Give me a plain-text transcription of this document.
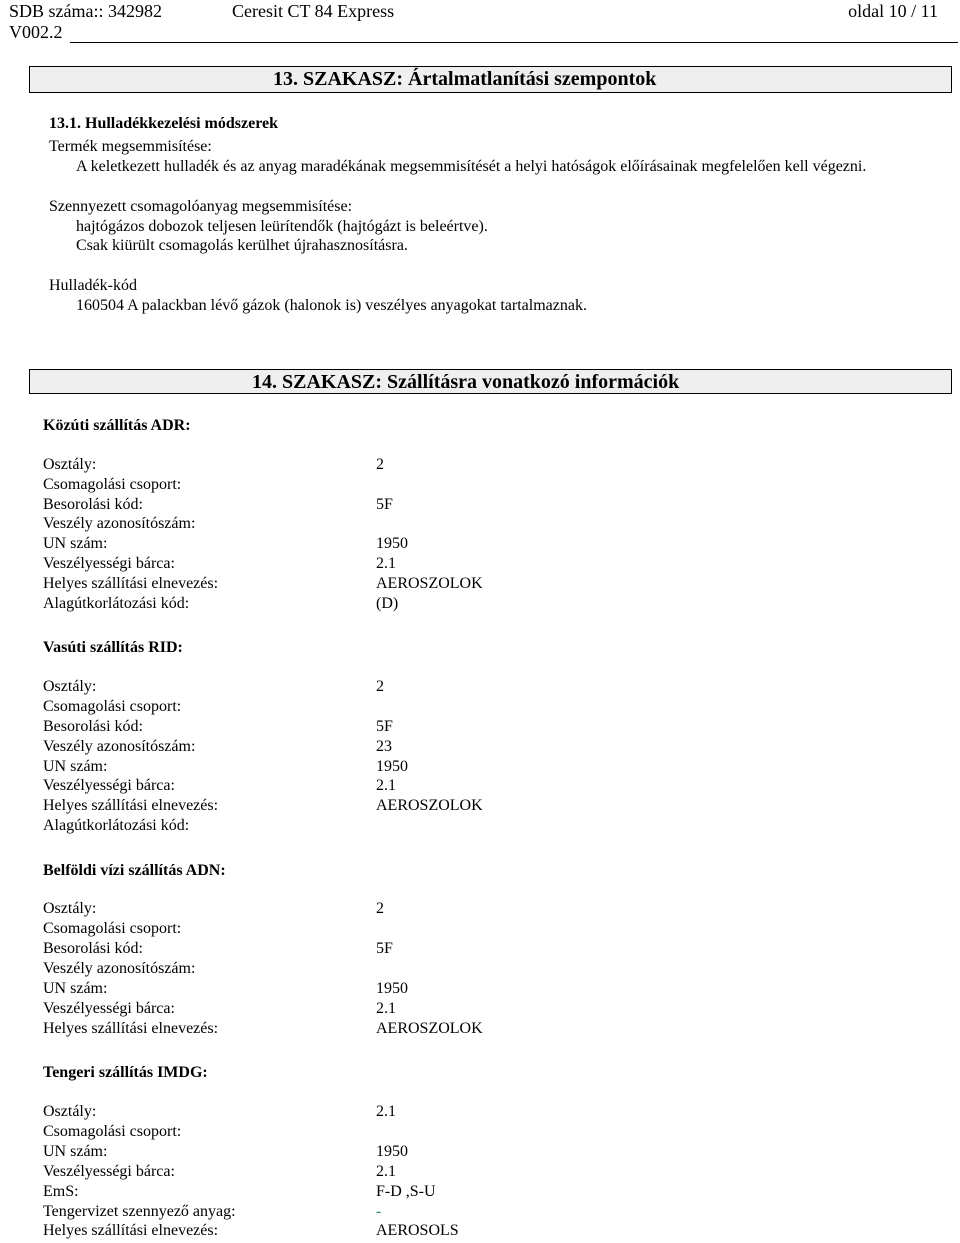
SDB száma:: 342982
V002.2
Ceresit CT 84 Express	oldal 10 / 11
13. SZAKASZ: Ártalmatlanítási szempontok
13.1. Hulladékkezelési módszerek
Termék megsemmisítése:
A keletkezett hulladék és az anyag maradékának megsemmisítését a helyi hatóságok előírásainak megfelelően kell végezni.
Szennyezett csomagolóanyag megsemmisítése:
hajtógázos dobozok teljesen leürítendők (hajtógázt is beleértve).
Csak kiürült csomagolás kerülhet újrahasznosításra.
Hulladék-kód
160504 A palackban lévő gázok (halonok is) veszélyes anyagokat tartalmaznak.
14. SZAKASZ: Szállításra vonatkozó információk
Közúti szállítás ADR:
Osztály:	2
Csomagolási csoport:
Besorolási kód:	5F
Veszély azonosítószám:
UN szám:	1950
Veszélyességi bárca:	2.1
Helyes szállítási elnevezés:	AEROSZOLOK
Alagútkorlátozási kód:	(D)
Vasúti szállítás RID:
Osztály:	2
Csomagolási csoport:
Besorolási kód:	5F
Veszély azonosítószám:	23
UN szám:	1950
Veszélyességi bárca:	2.1
Helyes szállítási elnevezés:	AEROSZOLOK
Alagútkorlátozási kód:
Belföldi vízi szállítás ADN:
Osztály:	2
Csomagolási csoport:
Besorolási kód:	5F
Veszély azonosítószám:
UN szám:	1950
Veszélyességi bárca:	2.1
Helyes szállítási elnevezés:	AEROSZOLOK
Tengeri szállítás IMDG:
Osztály:	2.1
Csomagolási csoport:
UN szám:	1950
Veszélyességi bárca:	2.1
EmS:	F-D ,S-U
Tengervizet szennyező anyag:	-
Helyes szállítási elnevezés:	AEROSOLS
